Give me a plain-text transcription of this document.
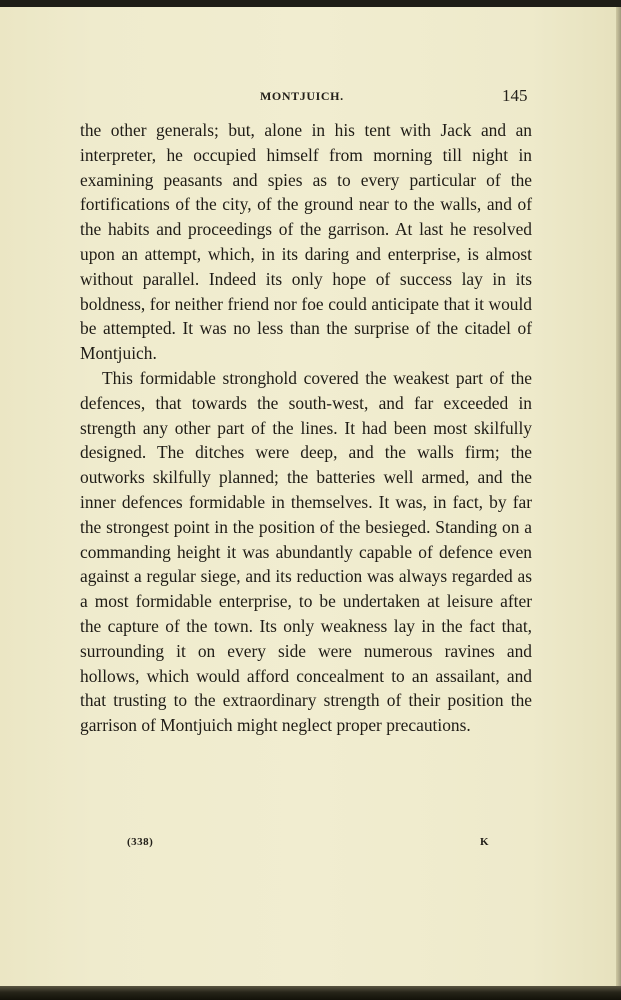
MONTJUICH.	145

the other generals; but, alone in his tent with Jack and an interpreter, he occupied himself from morning till night in examining peasants and spies as to every particular of the fortifications of the city, of the ground near to the walls, and of the habits and proceedings of the garrison. At last he resolved upon an attempt, which, in its daring and enterprise, is almost without parallel. Indeed its only hope of success lay in its boldness, for neither friend nor foe could anticipate that it would be attempted. It was no less than the surprise of the citadel of Montjuich.

This formidable stronghold covered the weakest part of the defences, that towards the south-west, and far exceeded in strength any other part of the lines. It had been most skilfully designed. The ditches were deep, and the walls firm; the outworks skilfully planned; the batteries well armed, and the inner defences formidable in themselves. It was, in fact, by far the strongest point in the position of the besieged. Standing on a commanding height it was abundantly capable of defence even against a regular siege, and its reduction was always regarded as a most formidable enterprise, to be undertaken at leisure after the capture of the town. Its only weakness lay in the fact that, surrounding it on every side were numerous ravines and hollows, which would afford concealment to an assailant, and that trusting to the extraordinary strength of their position the garrison of Montjuich might neglect proper precautions.

(338)	K
